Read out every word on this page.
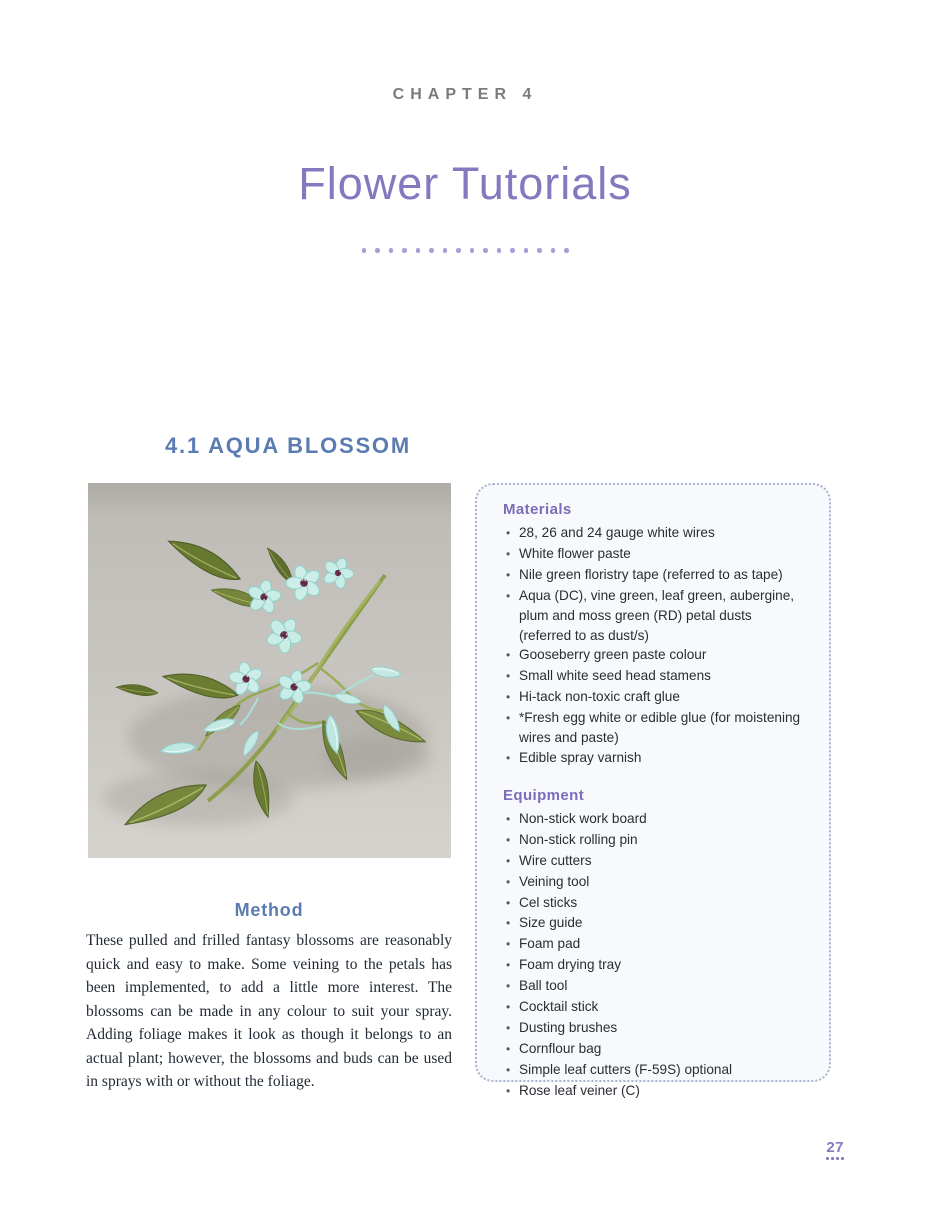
CHAPTER 4
Flower Tutorials
4.1 AQUA BLOSSOM
Materials
•
28, 26 and 24 gauge white wires
•
White flower paste
•
Nile green floristry tape (referred to as tape)
•
Aqua (DC), vine green, leaf green, aubergine, plum and moss green (RD) petal dusts (referred to as dust/s)
•
Gooseberry green paste colour
•
Small white seed head stamens
•
Hi-tack non-toxic craft glue
•
*Fresh egg white or edible glue (for moistening wires and paste)
•
Edible spray varnish
Equipment
•
Non-stick work board
•
Non-stick rolling pin
•
Wire cutters
•
Veining tool
•
Cel sticks
•
Size guide
•
Foam pad
•
Foam drying tray
•
Ball tool
•
Cocktail stick
•
Dusting brushes
•
Cornflour bag
•
Simple leaf cutters (F-59S) optional
•
Rose leaf veiner (C)
Method

These pulled and frilled fantasy blossoms are reasonably quick and easy to make. Some veining to the petals has been implemented, to add a little more interest. The blossoms can be made in any colour to suit your spray. Adding foliage makes it look as though it belongs to an actual plant; however, the blossoms and buds can be used in sprays with or without the foliage.

27
